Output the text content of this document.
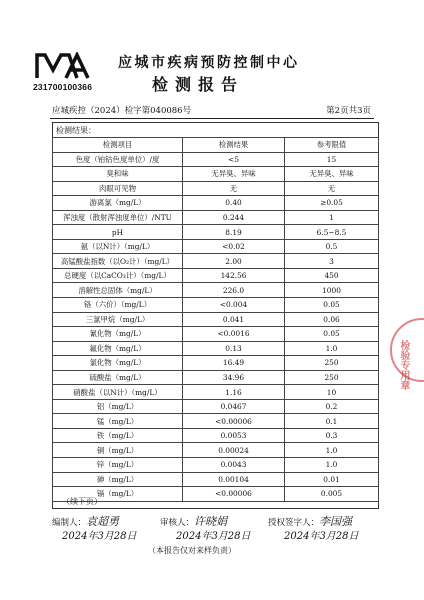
231700100366
应城市疾病预防控制中心
检测报告
应城疾控（2024）检字第040086号	第2页共3页
检测结果：
检测项目	检测结果	参考限值
色度（铂钴色度单位）/度	<5	15
臭和味	无异臭、异味	无异臭、异味
肉眼可见物	无	无
游离氯（mg/L）	0.40	≥0.05
浑浊度（散射浑浊度单位）/NTU	0.244	1
pH	8.19	6.5~8.5
氨（以N计）（mg/L）	<0.02	0.5
高锰酸盐指数（以O₂计）（mg/L）	2.00	3
总硬度（以CaCO₃计）（mg/L）	142.56	450
溶解性总固体（mg/L）	226.0	1000
铬（六价）（mg/L）	<0.004	0.05
三氯甲烷（mg/L）	0.041	0.06
氰化物（mg/L）	<0.0016	0.05
氟化物（mg/L）	0.13	1.0
氯化物（mg/L）	16.49	250
硫酸盐（mg/L）	34.96	250
硝酸盐（以N计）（mg/L）	1.16	10
铝（mg/L）	0.0467	0.2
锰（mg/L）	<0.00006	0.1
铁（mg/L）	0.0053	0.3
铜（mg/L）	0.00024	1.0
锌（mg/L）	0.0043	1.0
砷（mg/L）	0.00104	0.01
镉（mg/L）	<0.00006	0.005
（续下页）
编制人：袁超勇	审核人：许晓娟	授权签字人：李国强
2024年3月28日	2024年3月28日	2024年3月28日
（本报告仅对来样负责）
检验专用章
